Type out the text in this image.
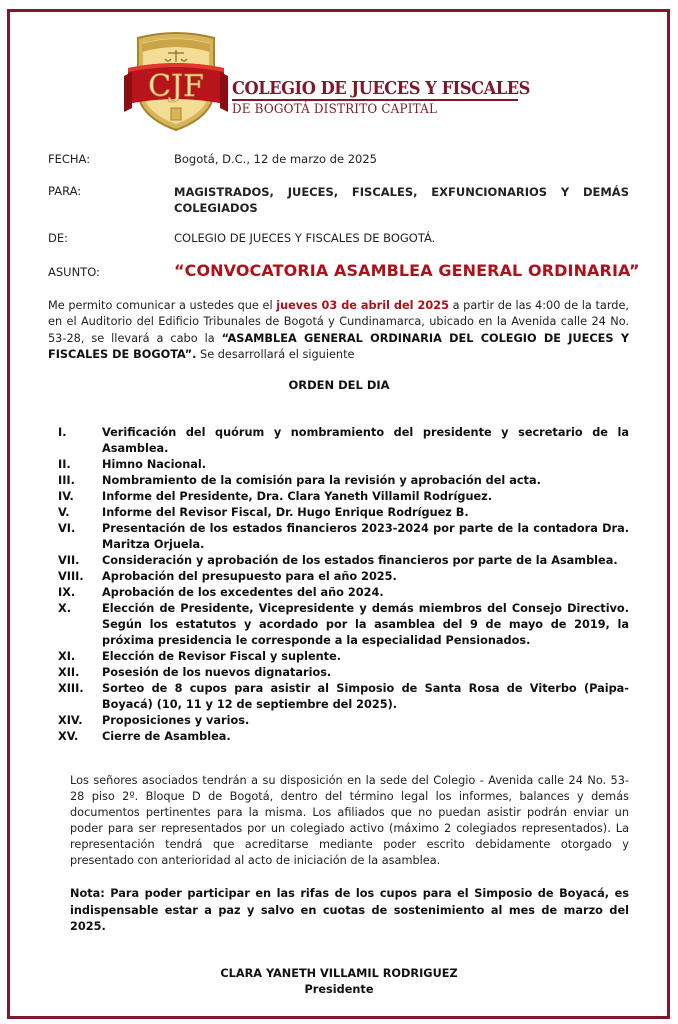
CJF COLEGIO DE JUECES Y FISCALES
DE BOGOTÁ DISTRITO CAPITAL
FECHA:	Bogotá, D.C., 12 de marzo de 2025
PARA:	MAGISTRADOS, JUECES, FISCALES, EXFUNCIONARIOS Y DEMÁS COLEGIADOS
DE:	COLEGIO DE JUECES Y FISCALES DE BOGOTÁ.
ASUNTO:	“CONVOCATORIA ASAMBLEA GENERAL ORDINARIA”

Me permito comunicar a ustedes que el jueves 03 de abril del 2025 a partir de las 4:00 de la tarde, en el Auditorio del Edificio Tribunales de Bogotá y Cundinamarca, ubicado en la Avenida calle 24 No. 53-28, se llevará a cabo la “ASAMBLEA GENERAL ORDINARIA DEL COLEGIO DE JUECES Y FISCALES DE BOGOTA”. Se desarrollará el siguiente

ORDEN DEL DIA
I.	Verificación del quórum y nombramiento del presidente y secretario de la Asamblea.
II.	Himno Nacional.
III.	Nombramiento de la comisión para la revisión y aprobación del acta.
IV.	Informe del Presidente, Dra. Clara Yaneth Villamil Rodríguez.
V.	Informe del Revisor Fiscal, Dr. Hugo Enrique Rodríguez B.
VI.	Presentación de los estados financieros 2023-2024 por parte de la contadora Dra. Maritza Orjuela.
VII.	Consideración y aprobación de los estados financieros por parte de la Asamblea.
VIII.	Aprobación del presupuesto para el año 2025.
IX.	Aprobación de los excedentes del año 2024.
X.	Elección de Presidente, Vicepresidente y demás miembros del Consejo Directivo. Según los estatutos y acordado por la asamblea del 9 de mayo de 2019, la próxima presidencia le corresponde a la especialidad Pensionados.
XI.	Elección de Revisor Fiscal y suplente.
XII.	Posesión de los nuevos dignatarios.
XIII.	Sorteo de 8 cupos para asistir al Simposio de Santa Rosa de Viterbo (Paipa-Boyacá) (10, 11 y 12 de septiembre del 2025).
XIV.	Proposiciones y varios.
XV.	Cierre de Asamblea.

Los señores asociados tendrán a su disposición en la sede del Colegio - Avenida calle 24 No. 53-28 piso 2º. Bloque D de Bogotá, dentro del término legal los informes, balances y demás documentos pertinentes para la misma. Los afiliados que no puedan asistir podrán enviar un poder para ser representados por un colegiado activo (máximo 2 colegiados representados). La representación tendrá que acreditarse mediante poder escrito debidamente otorgado y presentado con anterioridad al acto de iniciación de la asamblea.

Nota: Para poder participar en las rifas de los cupos para el Simposio de Boyacá, es indispensable estar a paz y salvo en cuotas de sostenimiento al mes de marzo del 2025.

CLARA YANETH VILLAMIL RODRIGUEZ
Presidente
